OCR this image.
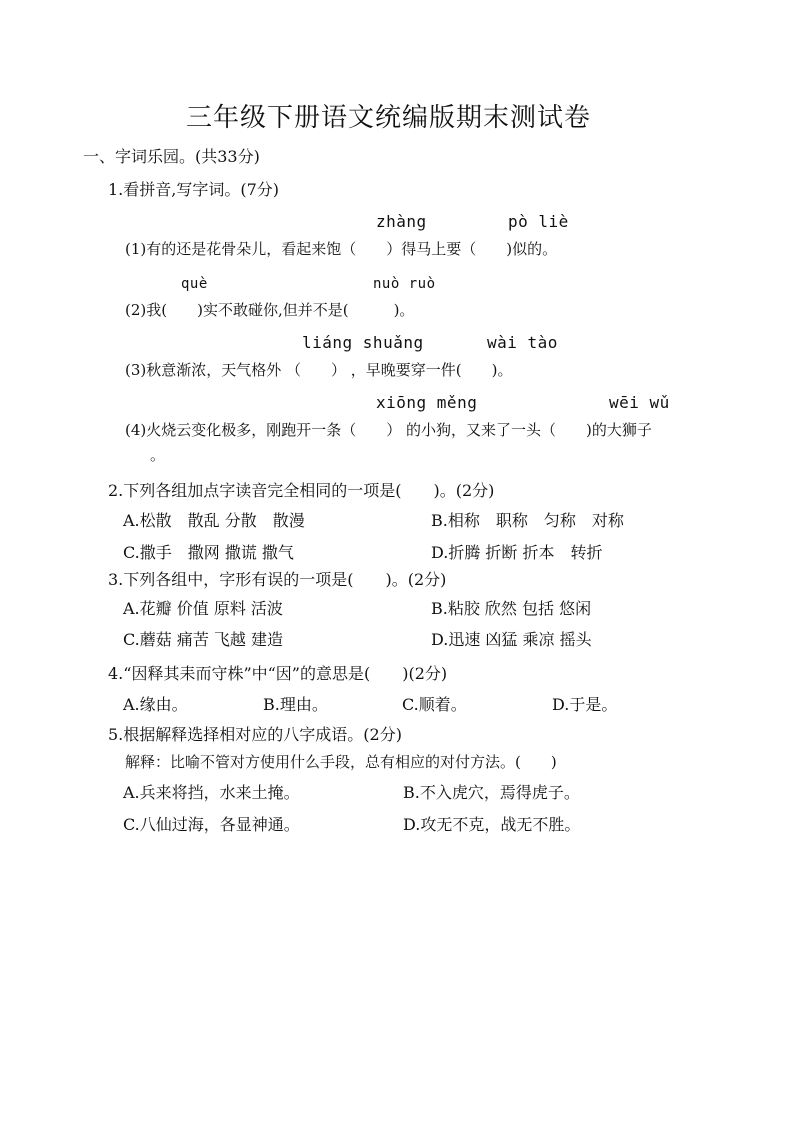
三年级下册语文统编版期末测试卷
一、字词乐园。(共33分)
1.看拼音,写字词。(7分)
zhàng	pò liè
(1)有的还是花骨朵儿，看起来饱（　　）得马上要（　　)似的。
què	nuò ruò
(2)我(　　)实不敢碰你,但并不是(　　　)。
liáng shuǎng	wài tào
(3)秋意渐浓，天气格外 （　　） ，早晚要穿一件(　　)。
xiōng měng	wēi wǔ
(4)火烧云变化极多，刚跑开一条（　　） 的小狗，又来了一头（　　)的大狮子
。
2.下列各组加点字读音完全相同的一项是(　　)。(2分)
A.松散　散乱 分散　散漫	B.相称　职称　匀称　对称
C.撒手　撒网 撒谎 撒气	D.折腾 折断 折本　转折
3.下列各组中，字形有误的一项是(　　)。(2分)
A.花瓣 价值 原料 活波	B.粘胶 欣然 包括 悠闲
C.蘑菇 痛苦 飞越 建造	D.迅速 凶猛 乘凉 摇头
4.“因释其耒而守株”中“因”的意思是(　　)(2分)
A.缘由。	B.理由。	C.顺着。	D.于是。
5.根据解释选择相对应的八字成语。(2分)
解释：比喻不管对方使用什么手段，总有相应的对付方法。(　　)
A.兵来将挡，水来土掩。	B.不入虎穴，焉得虎子。
C.八仙过海，各显神通。	D.攻无不克，战无不胜。
